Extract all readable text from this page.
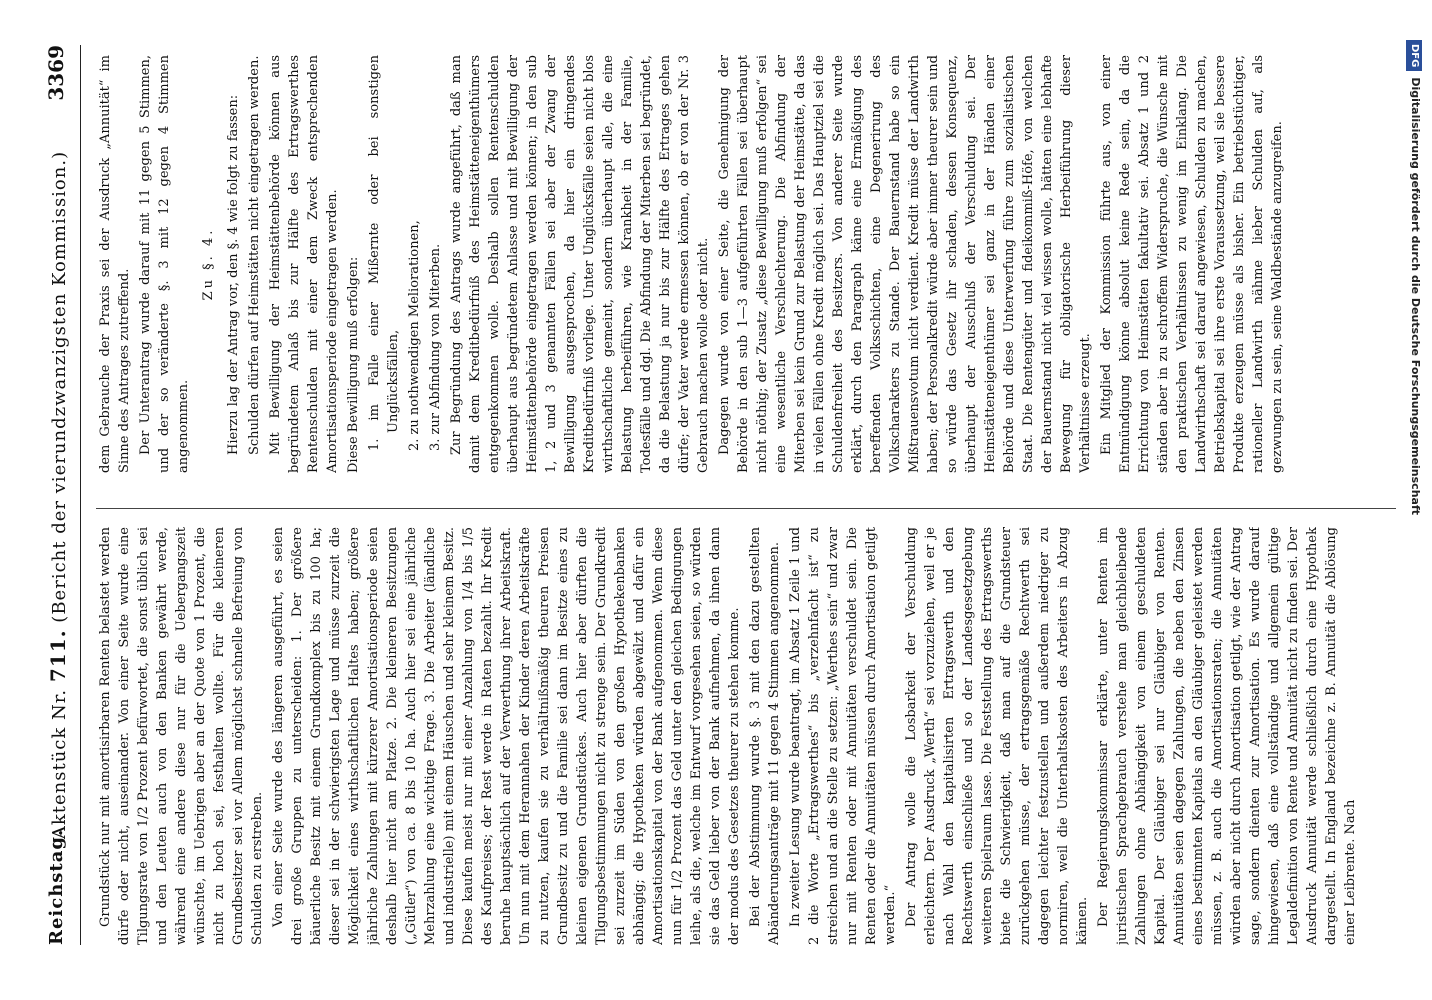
Reichstag.
Aktenstück Nr. 711. (Bericht der vierundzwanzigsten Kommission.)
3369

Grundstück nur mit amortisirbaren Renten belastet werden dürfe oder nicht, auseinander. Von einer Seite wurde eine Tilgungsrate von 1/2 Prozent befürwortet, die sonst üblich sei und den Leuten auch von den Banken gewährt werde, während eine andere diese nur für die Uebergangszeit wünschte, im Uebrigen aber an der Quote von 1 Prozent, die nicht zu hoch sei, festhalten wollte. Für die kleineren Grundbesitzer sei vor Allem möglichst schnelle Befreiung von Schulden zu erstreben. Von einer Seite wurde des längeren ausgeführt, es seien drei große Gruppen zu unterscheiden: 1. Der größere bäuerliche Besitz mit einem Grundkomplex bis zu 100 ha; dieser sei in der schwierigsten Lage und müsse zurzeit die Möglichkeit eines wirthschaftlichen Haltes haben; größere jährliche Zahlungen mit kürzerer Amortisationsperiode seien deshalb hier nicht am Platze. 2. Die kleineren Besitzungen („Gütler“) von ca. 8 bis 10 ha. Auch hier sei eine jährliche Mehrzahlung eine wichtige Frage. 3. Die Arbeiter (ländliche und industrielle) mit einem Häuschen und sehr kleinem Besitz. Diese kaufen meist nur mit einer Anzahlung von 1/4 bis 1/5 des Kaufpreises; der Rest werde in Raten bezahlt. Ihr Kredit beruhe hauptsächlich auf der Verwerthung ihrer Arbeitskraft. Um nun mit dem Herannahen der Kinder deren Arbeitskräfte zu nutzen, kaufen sie zu verhältnißmäßig theuren Preisen Grundbesitz zu und die Familie sei dann im Besitze eines zu kleinen eigenen Grundstückes. Auch hier aber dürften die Tilgungsbestimmungen nicht zu strenge sein. Der Grundkredit sei zurzeit im Süden von den großen Hypothekenbanken abhängig; die Hypotheken würden abgewälzt und dafür ein Amortisationskapital von der Bank aufgenommen. Wenn diese nun für 1/2 Prozent das Geld unter den gleichen Bedingungen leihe, als die, welche im Entwurf vorgesehen seien, so würden sie das Geld lieber von der Bank aufnehmen, da ihnen dann der modus des Gesetzes theurer zu stehen komme. Bei der Abstimmung wurde §. 3 mit den dazu gestellten Abänderungsanträge mit 11 gegen 4 Stimmen angenommen. In zweiter Lesung wurde beantragt, im Absatz 1 Zeile 1 und 2 die Worte „Ertragswerthes“ bis „verzehnfacht ist“ zu streichen und an die Stelle zu setzen: „Werthes sein“ und zwar nur mit Renten oder mit Annuitäten verschuldet sein. Die Renten oder die Annuitäten müssen durch Amortisation getilgt werden.“ Der Antrag wolle die Losbarkeit der Verschuldung erleichtern. Der Ausdruck „Werth“ sei vorzuziehen, weil er je nach Wahl den kapitalisirten Ertragswerth und den Rechtswerth einschließe und so der Landesgesetzgebung weiteren Spielraum lasse. Die Feststellung des Ertragswerths biete die Schwierigkeit, daß man auf die Grundsteuer zurückgehen müsse, der ertragsgemäße Rechtwerth sei dagegen leichter festzustellen und außerdem niedriger zu normiren, weil die Unterhaltskosten des Arbeiters in Abzug kämen. Der Regierungskommissar erklärte, unter Renten im juristischen Sprachgebrauch verstehe man gleichbleibende Zahlungen ohne Abhängigkeit von einem geschuldeten Kapital. Der Gläubiger sei nur Gläubiger von Renten. Annuitäten seien dagegen Zahlungen, die neben den Zinsen eines bestimmten Kapitals an den Gläubiger geleistet werden müssen, z. B. auch die Amortisationsraten; die Annuitäten würden aber nicht durch Amortisation getilgt, wie der Antrag sage, sondern dienten zur Amortisation. Es wurde darauf hingewiesen, daß eine vollständige und allgemein gültige Legaldefinition von Rente und Annuität nicht zu finden sei. Der Ausdruck Annuität werde schließlich durch eine Hypothek dargestellt. In England bezeichne z. B. Annuität die Ablösung einer Leibrente. Nach

dem Gebrauche der Praxis sei der Ausdruck „Annuität“ im Sinne des Antrages zutreffend. Der Unterantrag wurde darauf mit 11 gegen 5 Stimmen, und der so veränderte §. 3 mit 12 gegen 4 Stimmen angenommen.

Zu §. 4. Hierzu lag der Antrag vor, den §. 4 wie folgt zu fassen: Schulden dürfen auf Heimstätten nicht eingetragen werden. Mit Bewilligung der Heimstättenbehörde können aus begründetem Anlaß bis zur Hälfte des Ertragswerthes Rentenschulden mit einer dem Zweck entsprechenden Amortisationsperiode eingetragen werden. Diese Bewilligung muß erfolgen: 1. im Falle einer Mißernte oder bei sonstigen Unglücksfällen, 2. zu nothwendigen Meliorationen, 3. zur Abfindung von Miterben. Zur Begründung des Antrags wurde angeführt, daß man damit dem Kreditbedürfniß des Heimstätteneigenthümers entgegenkommen wolle. Deshalb sollen Rentenschulden überhaupt aus begründetem Anlasse und mit Bewilligung der Heimstättenbehörde eingetragen werden können; in den sub 1, 2 und 3 genannten Fällen sei aber der Zwang der Bewilligung ausgesprochen, da hier ein dringendes Kreditbedürfniß vorliege. Unter Unglücksfälle seien nicht blos wirthschaftliche gemeint, sondern überhaupt alle, die eine Belastung herbeiführen, wie Krankheit in der Familie, Todesfälle und dgl. Die Abfindung der Miterben sei begründet, da die Belastung ja nur bis zur Hälfte des Ertrages gehen dürfe; der Vater werde ermessen können, ob er von der Nr. 3 Gebrauch machen wolle oder nicht. Dagegen wurde von einer Seite, die Genehmigung der Behörde in den sub 1—3 aufgeführten Fällen sei überhaupt nicht nöthig; der Zusatz „diese Bewilligung muß erfolgen“ sei eine wesentliche Verschlechterung. Die Abfindung der Miterben sei kein Grund zur Belastung der Heimstätte, da das in vielen Fällen ohne Kredit möglich sei. Das Hauptziel sei die Schuldenfreiheit des Besitzers. Von anderer Seite wurde erklärt, durch den Paragraph käme eine Ermäßigung des bereffenden Volksschichten, eine Degenerirung des Volkscharakters zu Stande. Der Bauernstand habe so ein Mißtrauensvotum nicht verdient. Kredit müsse der Landwirth haben; der Personalkredit würde aber immer theurer sein und so würde das Gesetz ihr schaden, dessen Konsequenz, überhaupt der Ausschluß der Verschuldung sei. Der Heimstätteneigenthümer sei ganz in der Händen einer Behörde und diese Unterwerfung führe zum sozialistischen Staat. Die Rentengüter und fideikommiß-Höfe, von welchen der Bauernstand nicht viel wissen wolle, hätten eine lebhafte Bewegung für obligatorische Herbeiführung dieser Verhältnisse erzeugt. Ein Mitglied der Kommission führte aus, von einer Entmündigung könne absolut keine Rede sein, da die Errichtung von Heimstätten fakultativ sei. Absatz 1 und 2 ständen aber in zu schroffem Widerspruche, die Wünsche mit den praktischen Verhältnissen zu wenig im Einklang. Die Landwirthschaft sei darauf angewiesen, Schulden zu machen, Betriebskapital sei ihre erste Voraussetzung, weil sie bessere Produkte erzeugen müsse als bisher. Ein betriebstüchtiger, rationeller Landwirth nähme lieber Schulden auf, als gezwungen zu sein, seine Waldbestände anzugreifen.

DFGDigitalisierung gefördert durch die Deutsche Forschungsgemeinschaft
